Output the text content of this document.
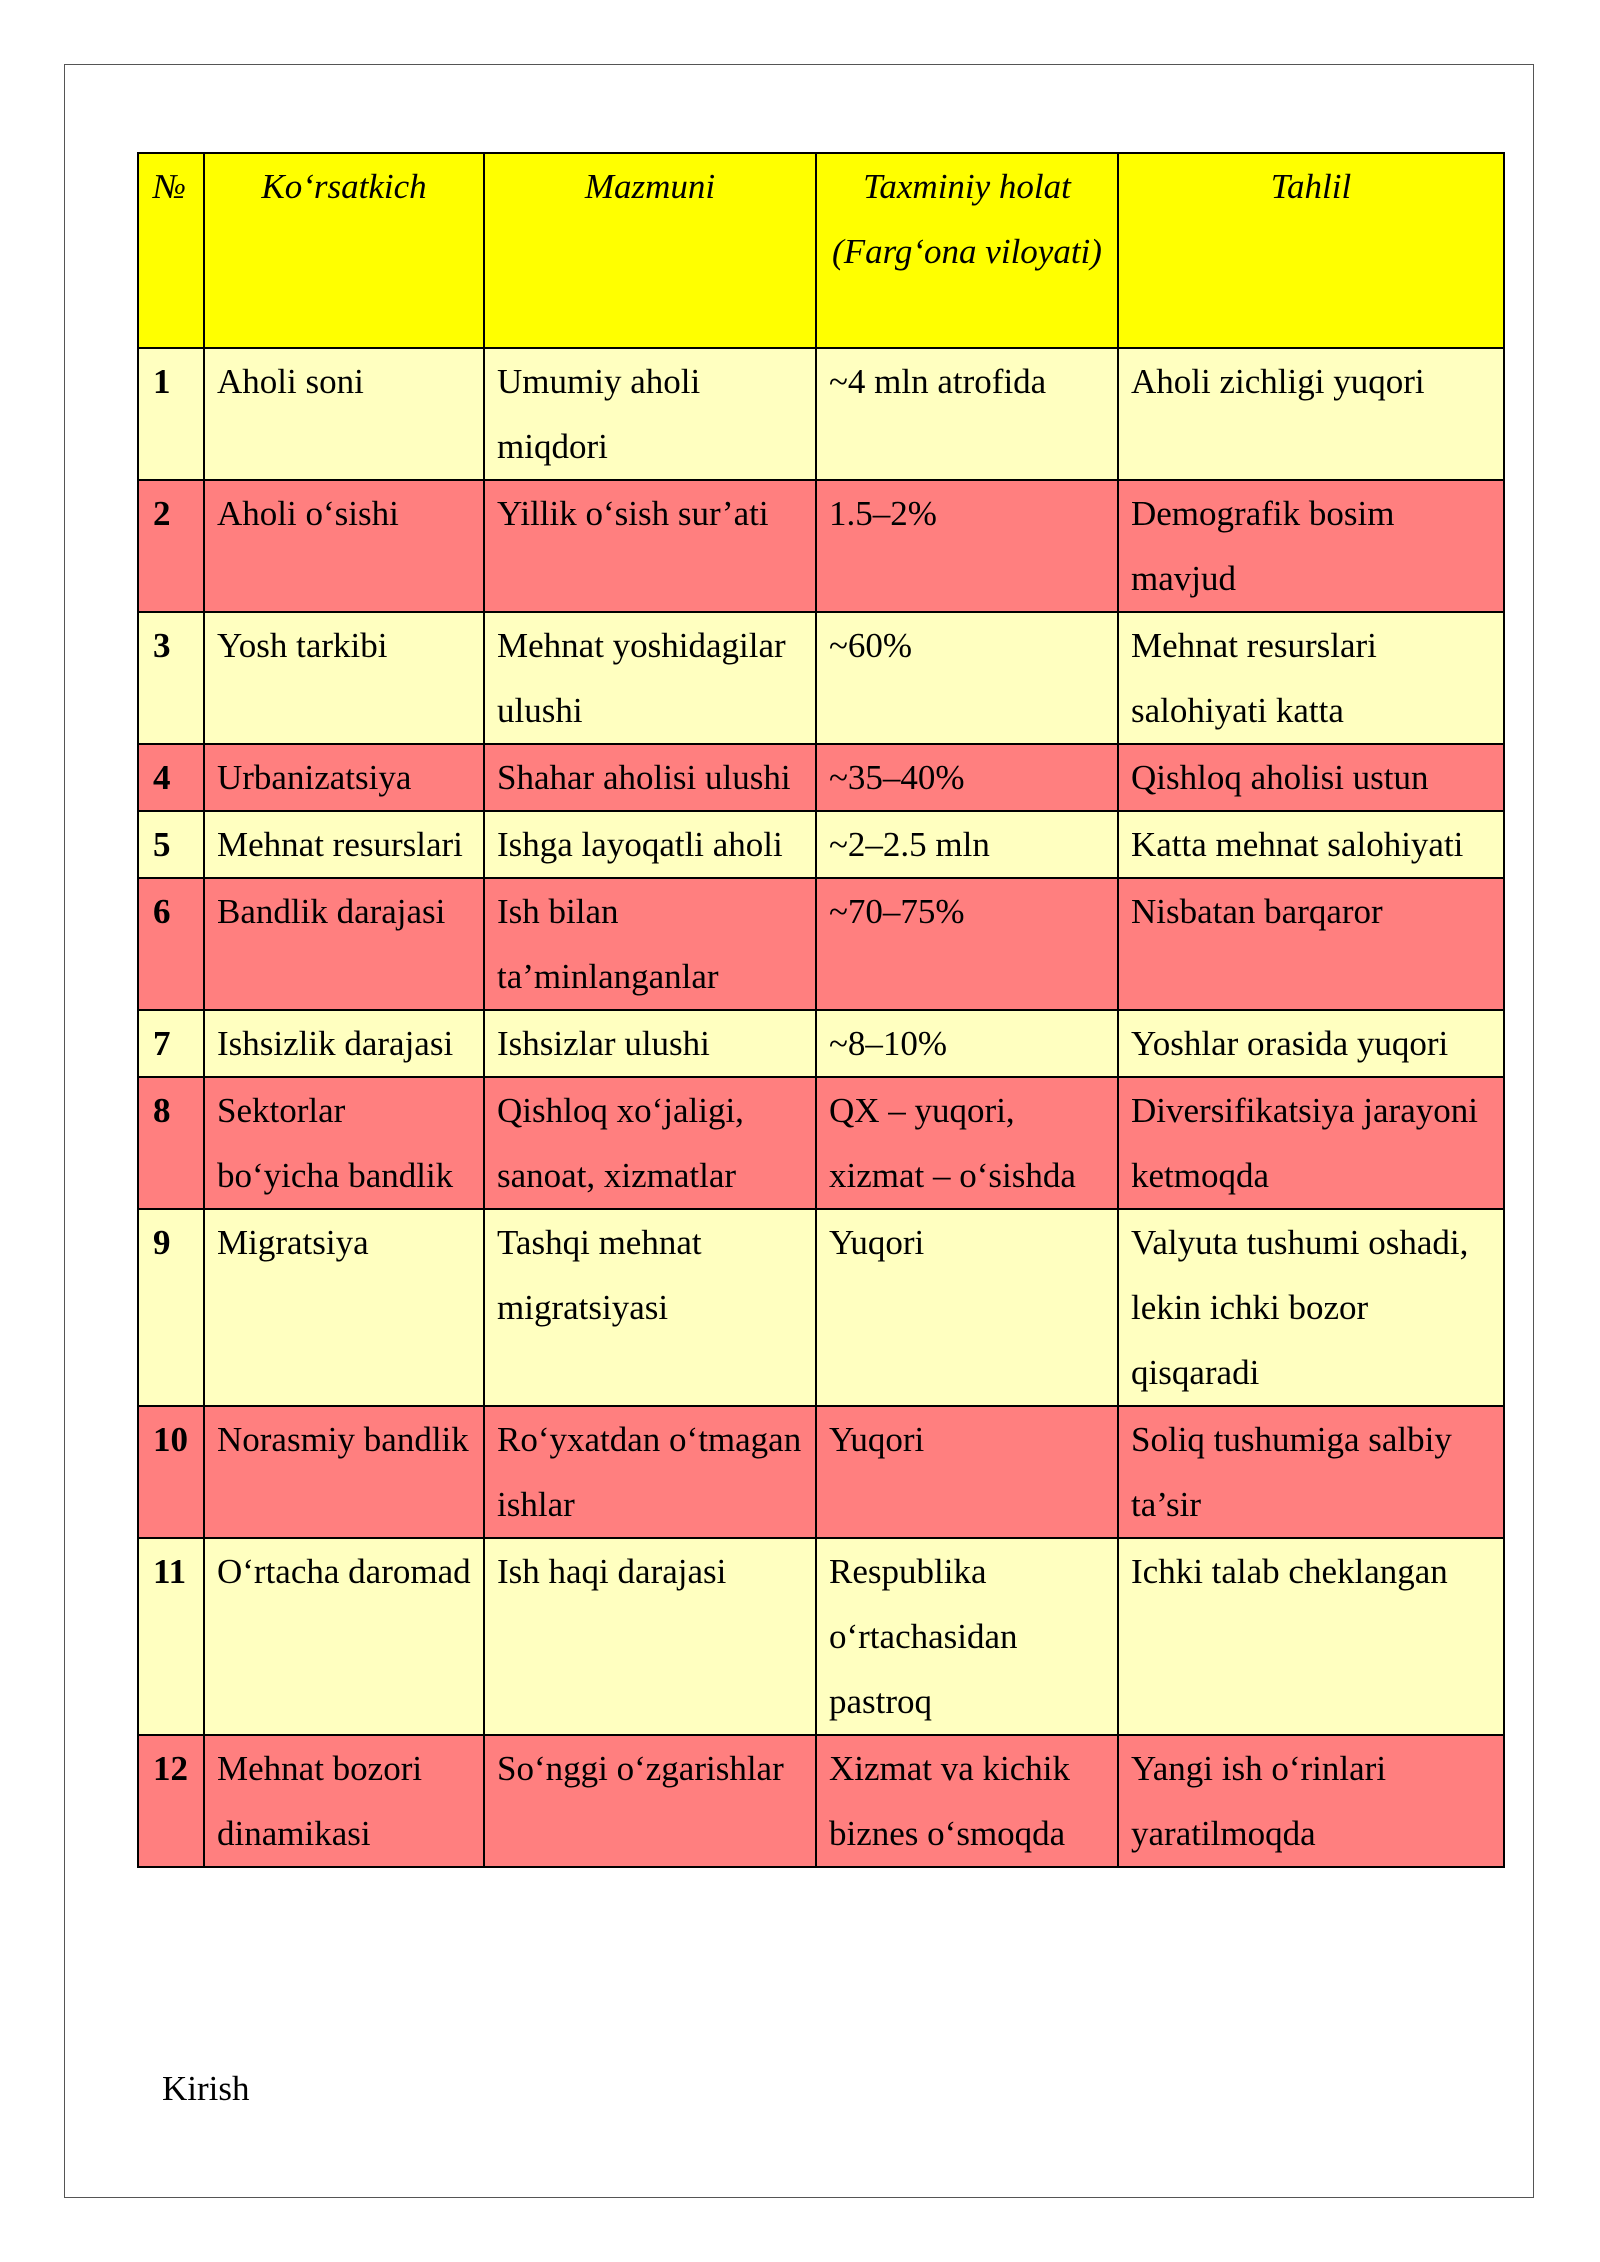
№	Koʻrsatkich	Mazmuni	Taxminiy holat (Fargʻona viloyati)	Tahlil
1	Aholi soni	Umumiy aholi miqdori	~4 mln atrofida	Aholi zichligi yuqori
2	Aholi oʻsishi	Yillik oʻsish sur’ati	1.5–2%	Demografik bosim mavjud
3	Yosh tarkibi	Mehnat yoshidagilar ulushi	~60%	Mehnat resurslari salohiyati katta
4	Urbanizatsiya	Shahar aholisi ulushi	~35–40%	Qishloq aholisi ustun
5	Mehnat resurslari	Ishga layoqatli aholi	~2–2.5 mln	Katta mehnat salohiyati
6	Bandlik darajasi	Ish bilan ta’minlanganlar	~70–75%	Nisbatan barqaror
7	Ishsizlik darajasi	Ishsizlar ulushi	~8–10%	Yoshlar orasida yuqori
8	Sektorlar boʻyicha bandlik	Qishloq xoʻjaligi, sanoat, xizmatlar	QX – yuqori, xizmat – oʻsishda	Diversifikatsiya jarayoni ketmoqda
9	Migratsiya	Tashqi mehnat migratsiyasi	Yuqori	Valyuta tushumi oshadi, lekin ichki bozor qisqaradi
10	Norasmiy bandlik	Roʻyxatdan oʻtmagan ishlar	Yuqori	Soliq tushumiga salbiy ta’sir
11	Oʻrtacha daromad	Ish haqi darajasi	Respublika oʻrtachasidan pastroq	Ichki talab cheklangan
12	Mehnat bozori dinamikasi	Soʻnggi oʻzgarishlar	Xizmat va kichik biznes oʻsmoqda	Yangi ish oʻrinlari yaratilmoqda
Kirish
